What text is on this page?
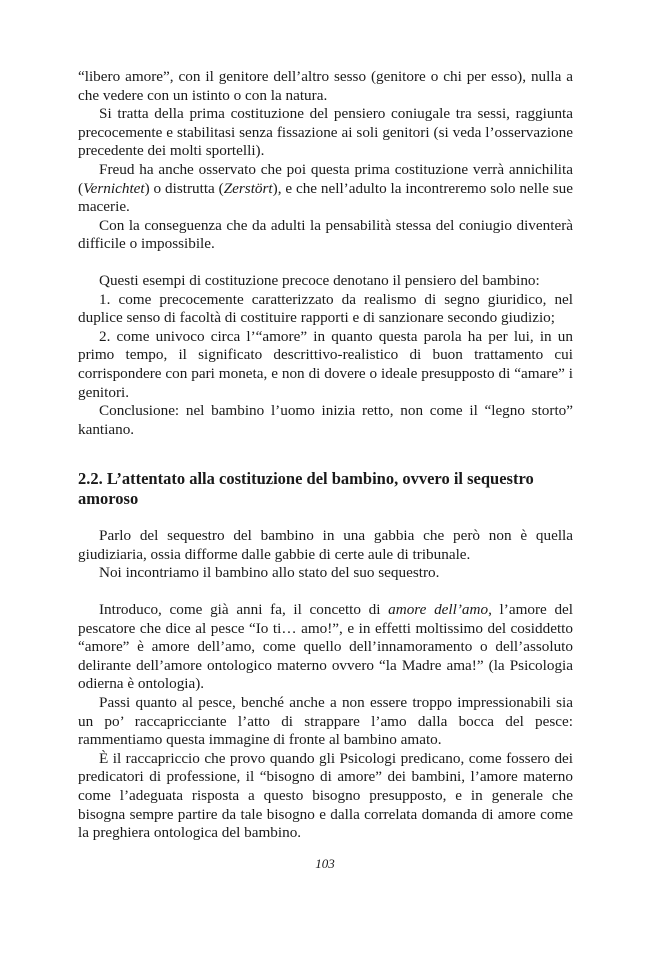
“libero amore”, con il genitore dell’altro sesso (genitore o chi per esso), nulla a che vedere con un istinto o con la natura.

Si tratta della prima costituzione del pensiero coniugale tra sessi, raggiunta precocemente e stabilitasi senza fissazione ai soli genitori (si veda l’osservazione precedente dei molti sportelli).

Freud ha anche osservato che poi questa prima costituzione verrà annichilita (Vernichtet) o distrutta (Zerstört), e che nell’adulto la incontreremo solo nelle sue macerie.

Con la conseguenza che da adulti la pensabilità stessa del coniugio diventerà difficile o impossibile.

Questi esempi di costituzione precoce denotano il pensiero del bambino:

1. come precocemente caratterizzato da realismo di segno giuridico, nel duplice senso di facoltà di costituire rapporti e di sanzionare secondo giudizio;

2. come univoco circa l’“amore” in quanto questa parola ha per lui, in un primo tempo, il significato descrittivo-realistico di buon trattamento cui corrispondere con pari moneta, e non di dovere o ideale presupposto di “amare” i genitori.

Conclusione: nel bambino l’uomo inizia retto, non come il “legno storto” kantiano.

2.2. L’attentato alla costituzione del bambino, ovvero il sequestro amoroso

Parlo del sequestro del bambino in una gabbia che però non è quella giudiziaria, ossia difforme dalle gabbie di certe aule di tribunale.

Noi incontriamo il bambino allo stato del suo sequestro.

Introduco, come già anni fa, il concetto di amore dell’amo, l’amore del pescatore che dice al pesce “Io ti… amo!”, e in effetti moltissimo del cosiddetto “amore” è amore dell’amo, come quello dell’innamoramento o dell’assoluto delirante dell’amore ontologico materno ovvero “la Madre ama!” (la Psicologia odierna è ontologia).

Passi quanto al pesce, benché anche a non essere troppo impressionabili sia un po’ raccapricciante l’atto di strappare l’amo dalla bocca del pesce: rammentiamo questa immagine di fronte al bambino amato.

È il raccapriccio che provo quando gli Psicologi predicano, come fossero dei predicatori di professione, il “bisogno di amore” dei bambini, l’amore materno come l’adeguata risposta a questo bisogno presupposto, e in generale che bisogna sempre partire da tale bisogno e dalla correlata domanda di amore come la preghiera ontologica del bambino.

103
